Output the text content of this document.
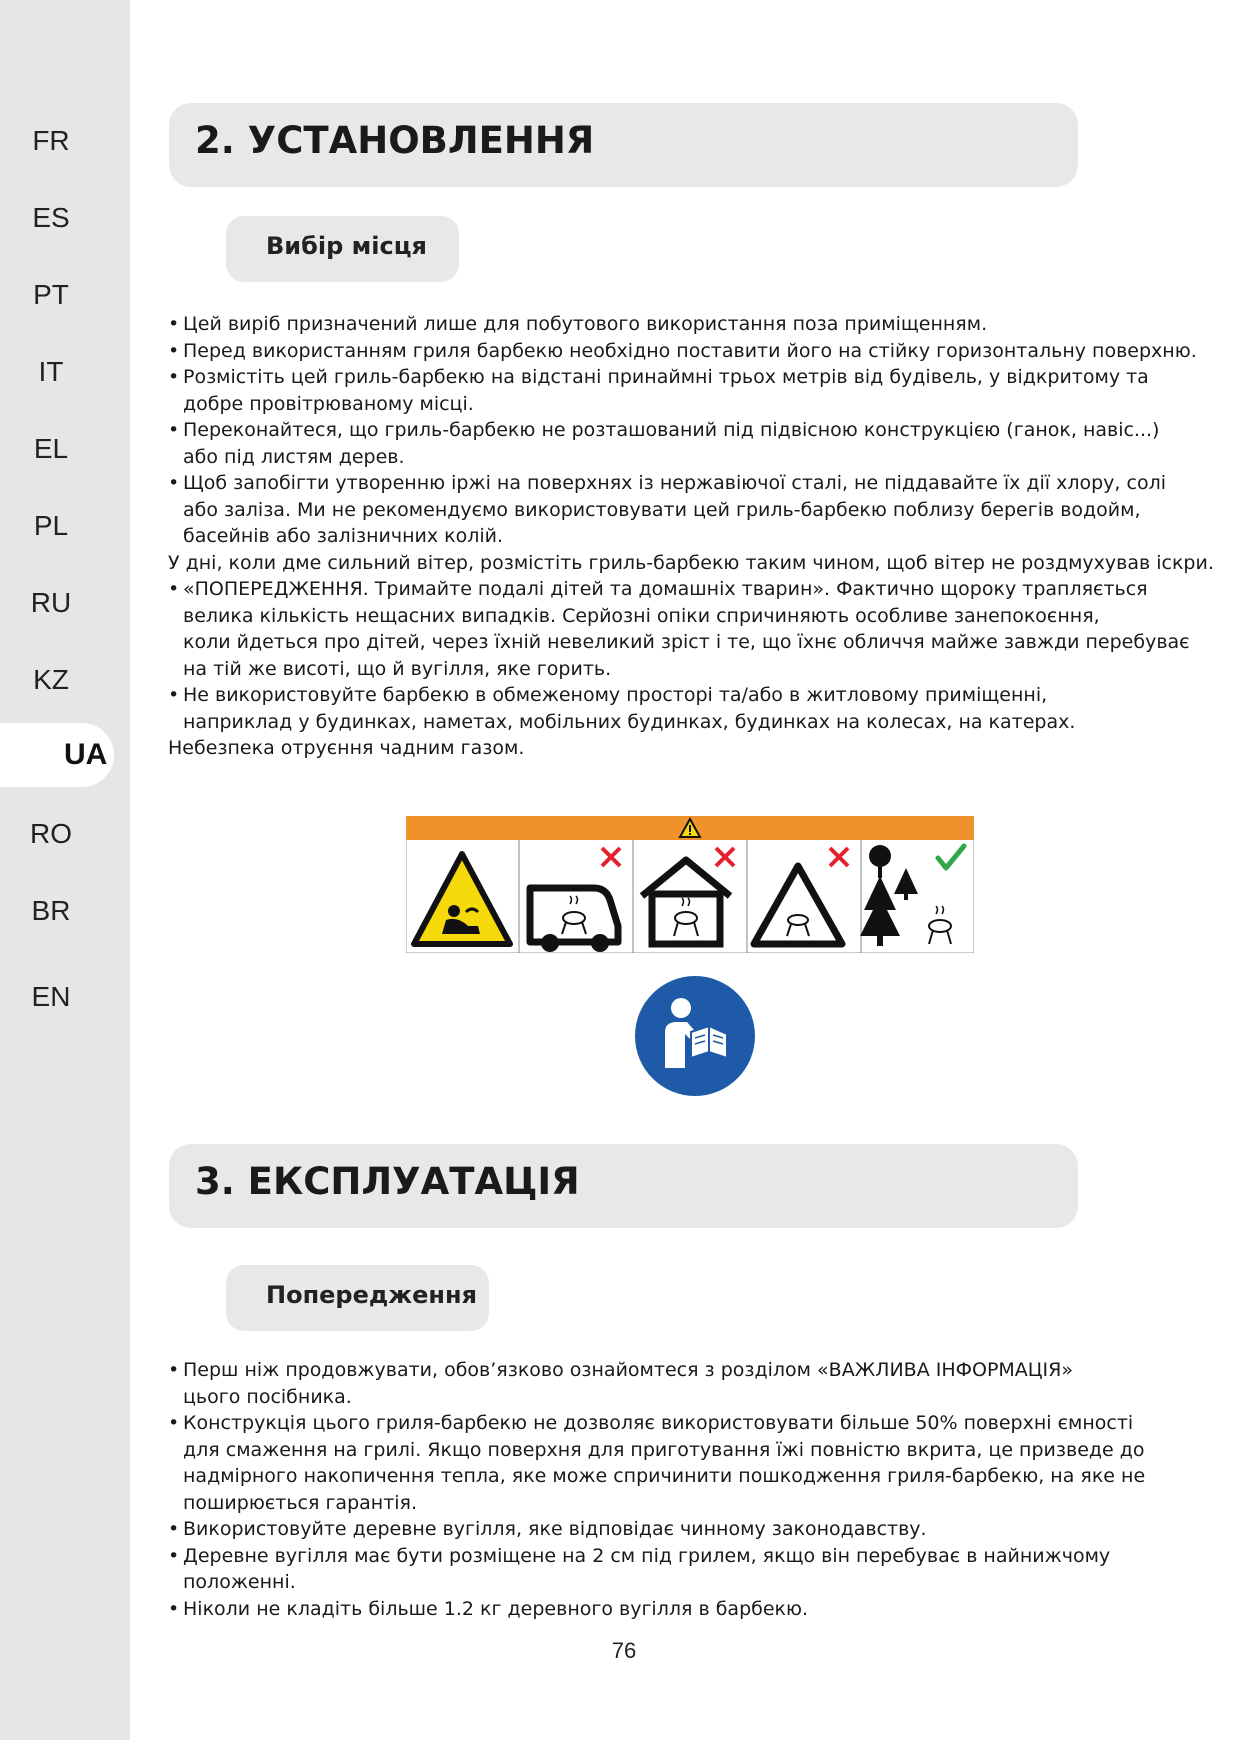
FR
ES
PT
IT
EL
PL
RU
KZ
UA
RO
BR
EN
2. УСТАНОВЛЕННЯ
Вибір місця
• Цей виріб призначений лише для побутового використання поза приміщенням.
• Перед використанням гриля барбекю необхідно поставити його на стійку горизонтальну поверхню.
• Розмістіть цей гриль-барбекю на відстані принаймні трьох метрів від будівель, у відкритому та
добре провітрюваному місці.
• Переконайтеся, що гриль-барбекю не розташований під підвісною конструкцією (ганок, навіс...)
або під листям дерев.
• Щоб запобігти утворенню іржі на поверхнях із нержавіючої сталі, не піддавайте їх дії хлору, солі
або заліза. Ми не рекомендуємо використовувати цей гриль-барбекю поблизу берегів водойм,
басейнів або залізничних колій.
У дні, коли дме сильний вітер, розмістіть гриль-барбекю таким чином, щоб вітер не роздмухував іскри.
• «ПОПЕРЕДЖЕННЯ. Тримайте подалі дітей та домашніх тварин». Фактично щороку трапляється
велика кількість нещасних випадків. Серйозні опіки спричиняють особливе занепокоєння,
коли йдеться про дітей, через їхній невеликий зріст і те, що їхнє обличчя майже завжди перебуває
на тій же висоті, що й вугілля, яке горить.
• Не використовуйте барбекю в обмеженому просторі та/або в житловому приміщенні,
наприклад у будинках, наметах, мобільних будинках, будинках на колесах, на катерах.
Небезпека отруєння чадним газом.
3. ЕКСПЛУАТАЦІЯ
Попередження
• Перш ніж продовжувати, обов’язково ознайомтеся з розділом «ВАЖЛИВА ІНФОРМАЦІЯ»
цього посібника.
• Конструкція цього гриля-барбекю не дозволяє використовувати більше 50% поверхні ємності
для смаження на грилі. Якщо поверхня для приготування їжі повністю вкрита, це призведе до
надмірного накопичення тепла, яке може спричинити пошкодження гриля-барбекю, на яке не
поширюється гарантія.
• Використовуйте деревне вугілля, яке відповідає чинному законодавству.
• Деревне вугілля має бути розміщене на 2 см під грилем, якщо він перебуває в найнижчому
положенні.
• Ніколи не кладіть більше 1.2 кг деревного вугілля в барбекю.
76
